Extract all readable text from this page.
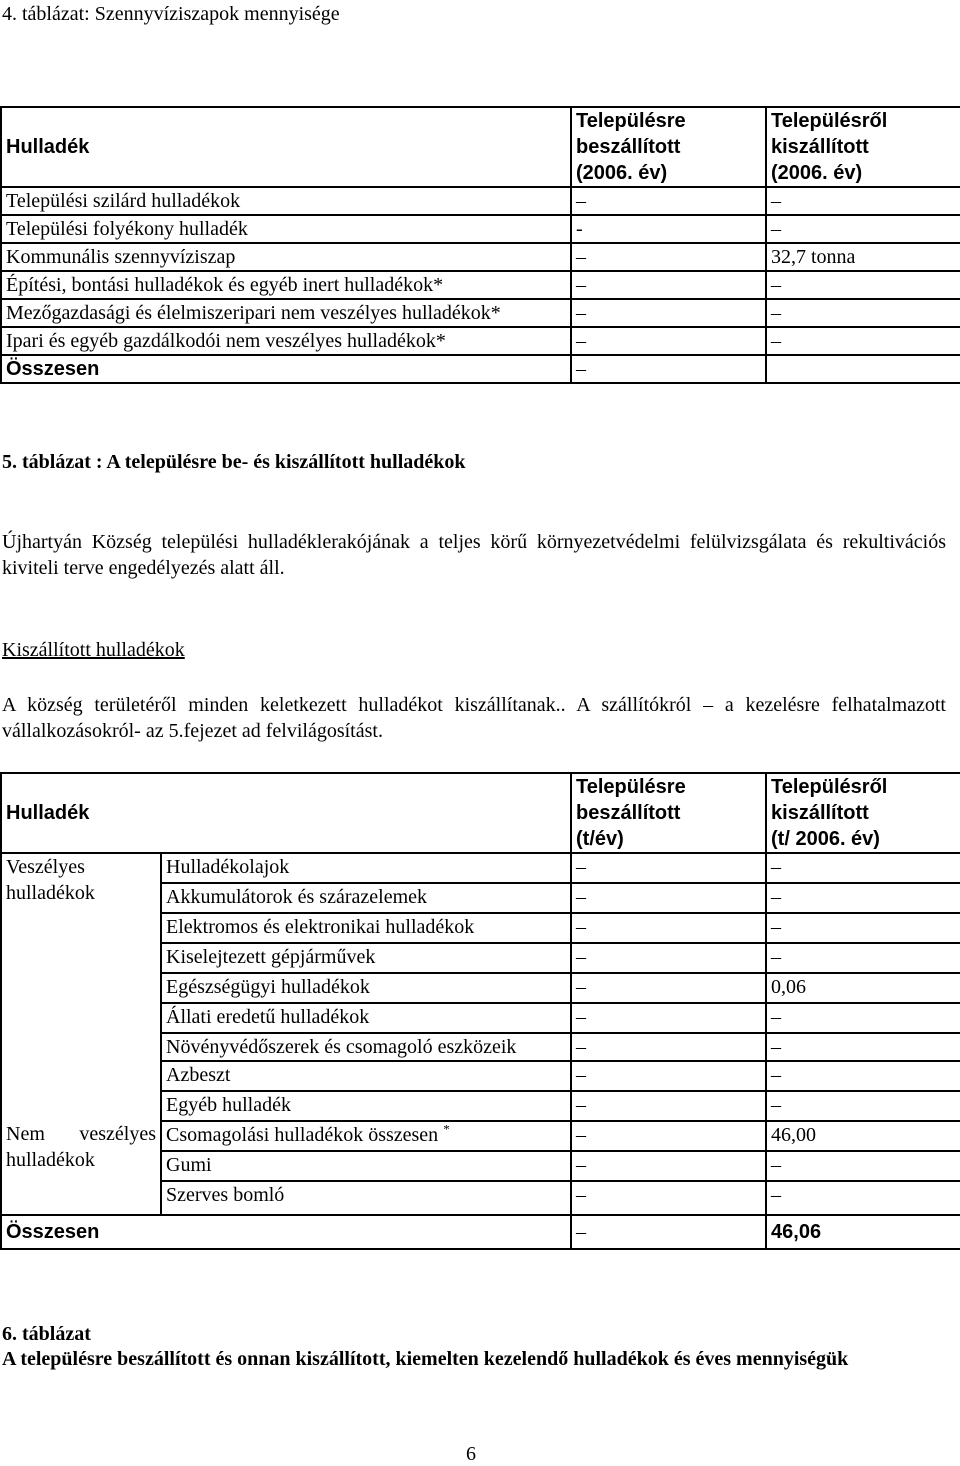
4. táblázat: Szennyvíziszapok mennyisége
Hulladék	Településre
beszállított
(2006. év)	Településről
kiszállított
(2006. év)

Települési szilárd hulladékok	–	–
Települési folyékony hulladék	-	–
Kommunális szennyvíziszap	–	32,7 tonna
Építési, bontási hulladékok és egyéb inert hulladékok*	–	–
Mezőgazdasági és élelmiszeripari nem veszélyes hulladékok*	–	–
Ipari és egyéb gazdálkodói nem veszélyes hulladékok*	–	–
Összesen	–	
5. táblázat : A településre be- és kiszállított hulladékok
Újhartyán Község települési hulladéklerakójának a teljes körű környezetvédelmi felülvizsgálata és rekultivációs kiviteli terve engedélyezés alatt áll.
Kiszállított hulladékok
A község területéről minden keletkezett hulladékot kiszállítanak.. A szállítókról – a kezelésre felhatalmazott vállalkozásokról- az 5.fejezet ad felvilágosítást.
Hulladék		Településre
beszállított
(t/év)	Településről
kiszállított
(t/ 2006. év)

Veszélyes hulladékok	Hulladékolajok	–	–
	Akkumulátorok és szárazelemek	–	–
	Elektromos és elektronikai hulladékok	–	–
	Kiselejtezett gépjárművek	–	–
	Egészségügyi hulladékok	–	0,06
	Állati eredetű hulladékok	–	–
	Növényvédőszerek és csomagoló eszközeik	–	–
	Azbeszt	–	–
	Egyéb hulladék	–	–
Nem veszélyes hulladékok	Csomagolási hulladékok összesen *	–	46,00
	Gumi	–	–
	Szerves bomló	–	–
Összesen		–	46,06
6. táblázat
A településre beszállított és onnan kiszállított, kiemelten kezelendő hulladékok és éves mennyiségük
6
